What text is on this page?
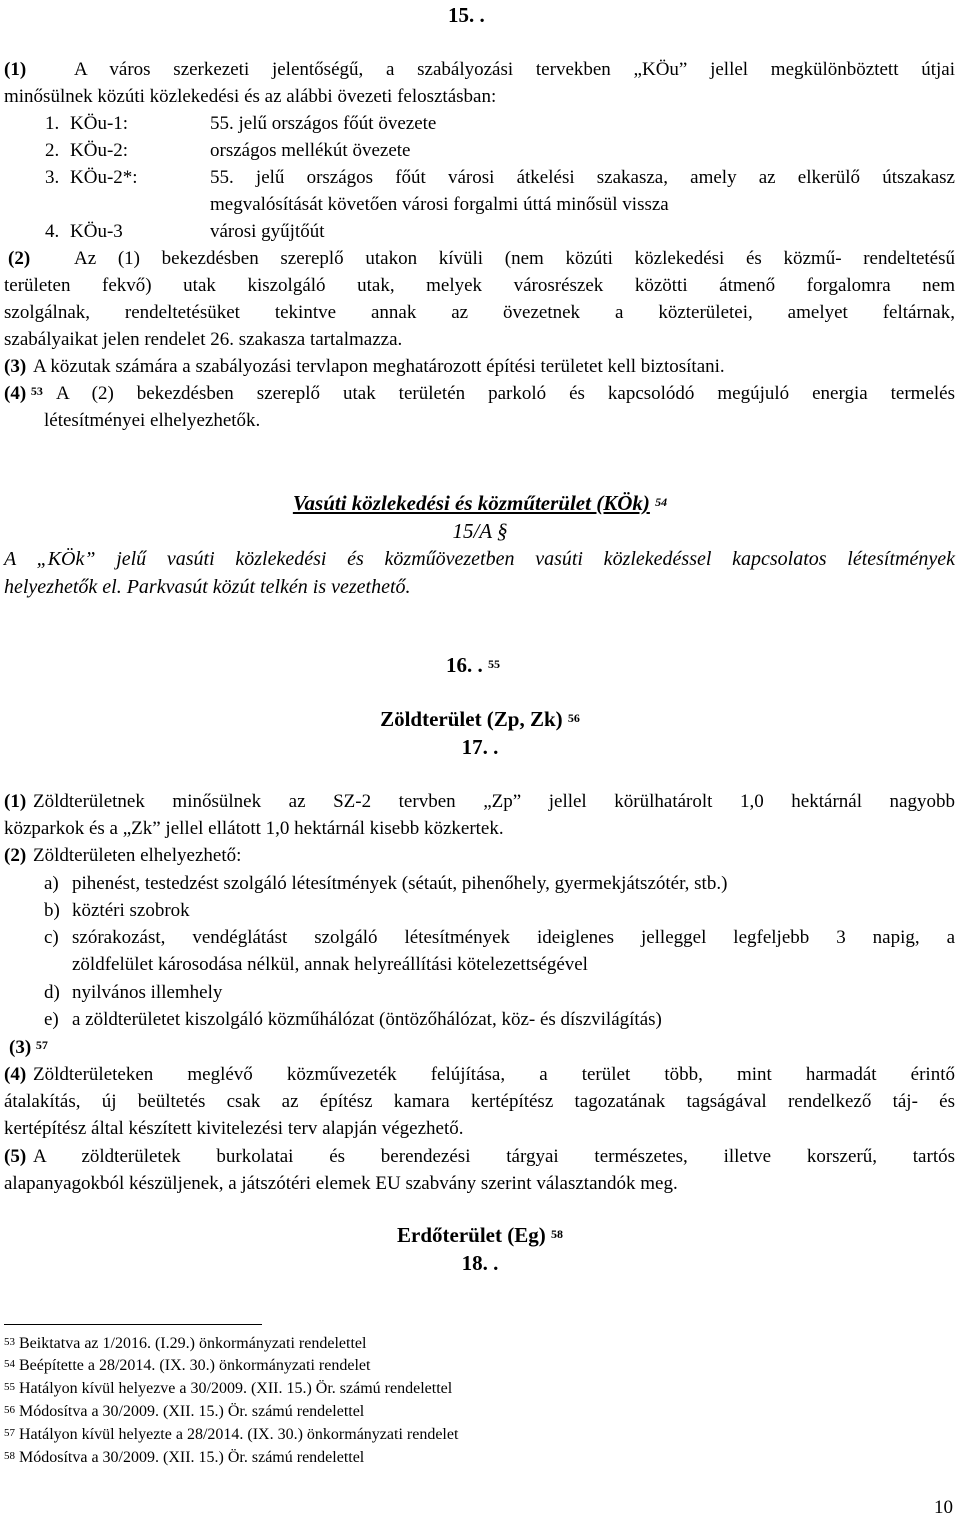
15. .
(1)	A város szerkezeti jelentőségű, a szabályozási tervekben „KÖu” jellel megkülönböztett útjai
minősülnek közúti közlekedési és az alábbi övezeti felosztásban:
1. KÖu-1:	55. jelű országos főút övezete
2. KÖu-2:	országos mellékút övezete
3. KÖu-2*:	55. jelű országos főút városi átkelési szakasza, amely az elkerülő útszakasz
megvalósítását követően városi forgalmi úttá minősül vissza
4. KÖu-3	városi gyűjtőút
(2) Az (1) bekezdésben szereplő utakon kívüli (nem közúti közlekedési és közmű- rendeltetésű
területen fekvő) utak kiszolgáló utak, melyek városrészek közötti átmenő forgalomra nem
szolgálnak, rendeltetésüket tekintve annak az övezetnek a közterületei, amelyet feltárnak,
szabályaikat jelen rendelet 26. szakasza tartalmazza.
(3) A közutak számára a szabályozási tervlapon meghatározott építési területet kell biztosítani.
(4) $^{53}$ A (2) bekezdésben szereplő utak területén parkoló és kapcsolódó megújuló energia termelés
létesítményei elhelyezhetők.
Vasúti közlekedési és közműterület (KÖk) $^{54}$
15/A §
A „KÖk” jelű vasúti közlekedési és közműövezetben vasúti közlekedéssel kapcsolatos létesítmények
helyezhetők el. Parkvasút közút telkén is vezethető.
16. . $^{55}$
Zöldterület (Zp, Zk) $^{56}$
17. .
(1) Zöldterületnek minősülnek az SZ-2 tervben „Zp” jellel körülhatárolt 1,0 hektárnál nagyobb
közparkok és a „Zk” jellel ellátott 1,0 hektárnál kisebb közkertek.
(2) Zöldterületen elhelyezhető:
a) pihenést, testedzést szolgáló létesítmények (sétaút, pihenőhely, gyermekjátszótér, stb.)
b) köztéri szobrok
c) szórakozást, vendéglátást szolgáló létesítmények ideiglenes jelleggel legfeljebb 3 napig, a
zöldfelület károsodása nélkül, annak helyreállítási kötelezettségével
d) nyilvános illemhely
e) a zöldterületet kiszolgáló közműhálózat (öntözőhálózat, köz- és díszvilágítás)
(3) $^{57}$
(4) Zöldterületeken meglévő közművezeték felújítása, a terület több, mint harmadát érintő
átalakítás, új beültetés csak az építész kamara kertépítész tagozatának tagságával rendelkező táj- és
kertépítész által készített kivitelezési terv alapján végezhető.
(5) A zöldterületek burkolatai és berendezési tárgyai természetes, illetve korszerű, tartós
alapanyagokból készüljenek, a játszótéri elemek EU szabvány szerint választandók meg.
Erdőterület (Eg) $^{58}$
18. .
$^{53}$ Beiktatva az 1/2016. (I.29.) önkormányzati rendelettel
$^{54}$ Beépítette a 28/2014. (IX. 30.) önkormányzati rendelet
$^{55}$ Hatályon kívül helyezve a 30/2009. (XII. 15.) Ör. számú rendelettel
$^{56}$ Módosítva a 30/2009. (XII. 15.) Ör. számú rendelettel
$^{57}$ Hatályon kívül helyezte a 28/2014. (IX. 30.) önkormányzati rendelet
$^{58}$ Módosítva a 30/2009. (XII. 15.) Ör. számú rendelettel
10
